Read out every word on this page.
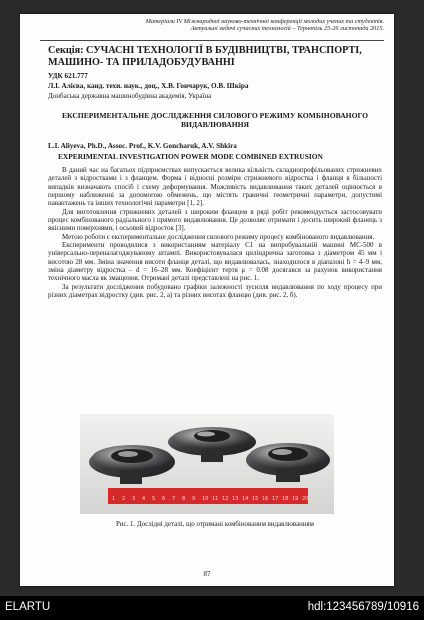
Матеріали IV Міжнародної науково-технічної конференції молодих учених та студентів.
Актуальні задачі сучасних технологій – Тернопіль 25-26 листопада 2015.
Секція: СУЧАСНІ ТЕХНОЛОГІЇ В БУДІВНИЦТВІ, ТРАНСПОРТІ, МАШИНО- ТА ПРИЛАДОБУДУВАННІ
УДК 621.777
Л.І. Алієва, канд. техн. наук., доц., Х.В. Гончарук, О.В. Шкіра
Донбаська державна машинобудівна академія, Україна
ЕКСПЕРИМЕНТАЛЬНЕ ДОСЛІДЖЕННЯ СИЛОВОГО РЕЖИМУ КОМБІНОВАНОГО ВИДАВЛЮВАННЯ
L.I. Aliyeva, Ph.D., Assoc. Prof., K.V. Goncharuk, A.V. Shkira
EXPERIMENTAL INVESTIGATION POWER MODE COMBINED EXTRUSION

В даний час на багатьох підприємствах випускається велика кількість складнопрофільованих стрижневих деталей з відростками і з фланцем. Форма і відносні розміри стрижневого відростка і фланця в більшості випадків визначають спосіб і схему деформування. Можливість видавлювання таких деталей оцінюється в першому наближенні за допомогою обмежень, що містять граничні геометричні параметри, допустимі навантажень та інших технологічні параметри [1, 2].

Для виготовлення стрижневих деталей з широким фланцем в ряді робіт рекомендується застосовувати процес комбінованого радіального і прямого видавлювання. Це дозволяє отримати і досить широкий фланець з якісними поверхнями, і осьовий відросток [3].

Метою роботи є експериментальне дослідження силового режиму процесу комбінованого видавлювання.

Експерименти проводилися з використанням матеріалу С1 на випробувальній машині МС-500 в універсально-переналагоджуваному штампі. Використовувалася циліндрична заготовка з діаметром 45 мм і висотою 28 мм. Зміна значення висоти фланця деталі, що видавлювалась, знаходилося в діапазоні h = 4–9 мм, зміна діаметру відростка – d = 16–28 мм. Коефіцієнт тертя μ = 0.08 досягався за рахунок використання технічного масла як змащення. Отримані деталі представлені на рис. 1.

За результати дослідження побудовано графіки залежності зусилля видавлювання по ходу процесу при різних діаметрах відростку (див. рис. 2, а) та різних висотах фланцю (див. рис. 2, б).

1 2 3 4 5 6 7 8 9 10 11 12 13 14 15 16 17 18 19 20
Рис. 1. Дослідні деталі, що отримані комбінованим видавлюванням
87
ELARTU	hdl:123456789/10916
